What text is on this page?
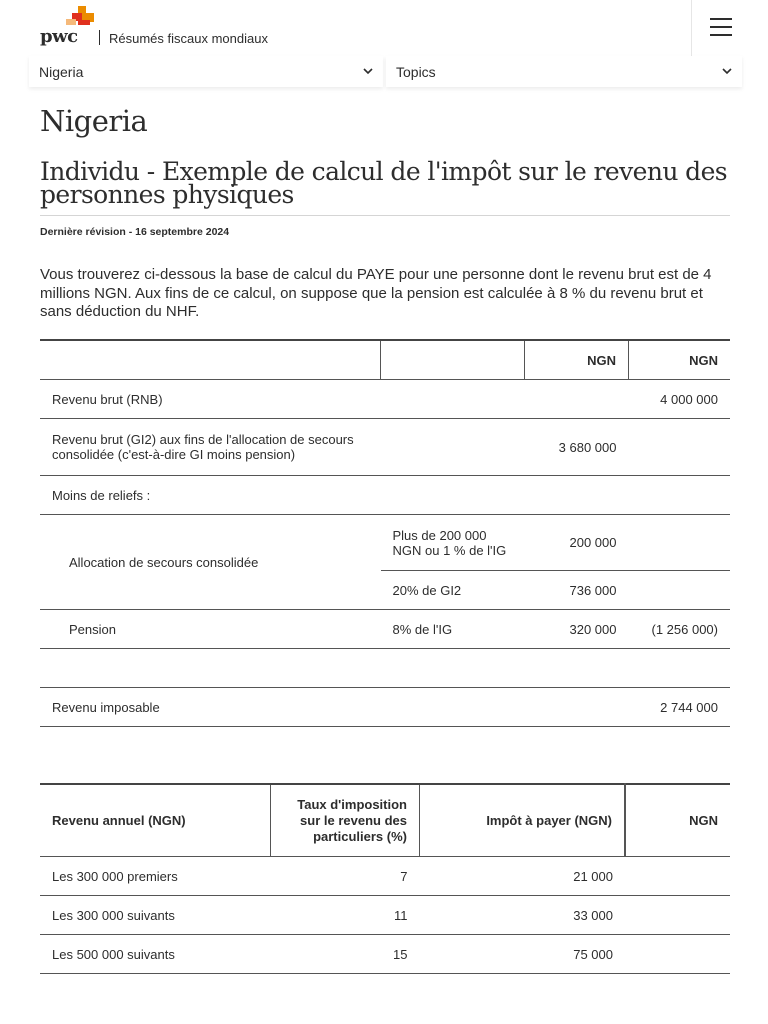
pwc Résumés fiscaux mondiaux
Nigeria	Topics
Nigeria
Individu - Exemple de calcul de l'impôt sur le revenu des personnes physiques
Dernière révision - 16 septembre 2024

Vous trouverez ci-dessous la base de calcul du PAYE pour une personne dont le revenu brut est de 4 millions NGN. Aux fins de ce calcul, on suppose que la pension est calculée à 8 % du revenu brut et sans déduction du NHF.

		NGN	NGN
Revenu brut (RNB)			4 000 000
Revenu brut (GI2) aux fins de l'allocation de secours consolidée (c'est-à-dire GI moins pension)		3 680 000	
Moins de reliefs :			
Allocation de secours consolidée	Plus de 200 000 NGN ou 1 % de l'IG	200 000	
	20% de GI2	736 000	
Pension	8% de l'IG	320 000	(1 256 000)

Revenu imposable			2 744 000
Revenu annuel (NGN)	Taux d'imposition sur le revenu des particuliers (%)	Impôt à payer (NGN)	NGN
Les 300 000 premiers	7	21 000	
Les 300 000 suivants	11	33 000	
Les 500 000 suivants	15	75 000	
